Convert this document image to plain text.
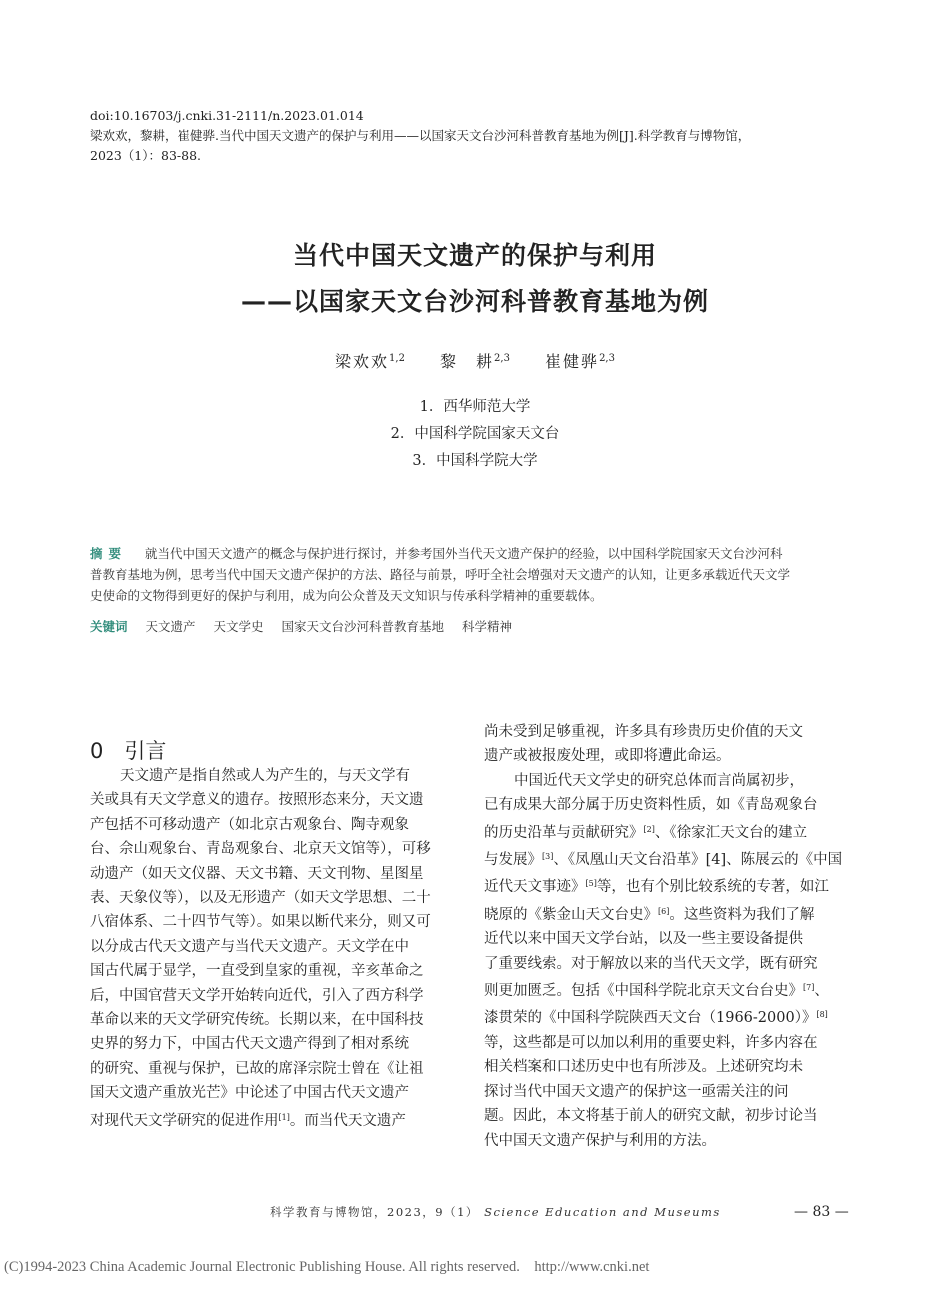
doi:10.16703/j.cnki.31-2111/n.2023.01.014
梁欢欢，黎耕，崔健骅.当代中国天文遗产的保护与利用——以国家天文台沙河科普教育基地为例[J].科学教育与博物馆，
2023（1）：83-88.
当代中国天文遗产的保护与利用
——以国家天文台沙河科普教育基地为例
梁欢欢$^{1,2}$ 黎　耕$^{2,3}$ 崔健骅$^{2,3}$
1．西华师范大学
2．中国科学院国家天文台
3．中国科学院大学
摘要 就当代中国天文遗产的概念与保护进行探讨，并参考国外当代天文遗产保护的经验，以中国科学院国家天文台沙河科
普教育基地为例，思考当代中国天文遗产保护的方法、路径与前景，呼吁全社会增强对天文遗产的认知，让更多承载近代天文学
史使命的文物得到更好的保护与利用，成为向公众普及天文知识与传承科学精神的重要载体。
关键词 天文遗产 天文学史 国家天文台沙河科普教育基地 科学精神
0　引言
天文遗产是指自然或人为产生的，与天文学有
关或具有天文学意义的遗存。按照形态来分，天文遗
产包括不可移动遗产（如北京古观象台、陶寺观象
台、佘山观象台、青岛观象台、北京天文馆等），可移
动遗产（如天文仪器、天文书籍、天文刊物、星图星
表、天象仪等），以及无形遗产（如天文学思想、二十
八宿体系、二十四节气等）。如果以断代来分，则又可
以分成古代天文遗产与当代天文遗产。天文学在中
国古代属于显学，一直受到皇家的重视，辛亥革命之
后，中国官营天文学开始转向近代，引入了西方科学
革命以来的天文学研究传统。长期以来，在中国科技
史界的努力下，中国古代天文遗产得到了相对系统
的研究、重视与保护，已故的席泽宗院士曾在《让祖
国天文遗产重放光芒》中论述了中国古代天文遗产
对现代天文学研究的促进作用[1]。而当代天文遗产
尚未受到足够重视，许多具有珍贵历史价值的天文
遗产或被报废处理，或即将遭此命运。
中国近代天文学史的研究总体而言尚属初步，
已有成果大部分属于历史资料性质，如《青岛观象台
的历史沿革与贡献研究》[2]、《徐家汇天文台的建立
与发展》[3]、《凤凰山天文台沿革》[4]、陈展云的《中国
近代天文事迹》[5]等，也有个别比较系统的专著，如江
晓原的《紫金山天文台史》[6]。这些资料为我们了解
近代以来中国天文学台站，以及一些主要设备提供
了重要线索。对于解放以来的当代天文学，既有研究
则更加匮乏。包括《中国科学院北京天文台台史》[7]、
漆贯荣的《中国科学院陕西天文台（1966-2000）》[8]
等，这些都是可以加以利用的重要史料，许多内容在
相关档案和口述历史中也有所涉及。上述研究均未
探讨当代中国天文遗产的保护这一亟需关注的问
题。因此，本文将基于前人的研究文献，初步讨论当
代中国天文遗产保护与利用的方法。
科学教育与博物馆，2023，9（1） Science Education and Museums	— 83 —
(C)1994-2023 China Academic Journal Electronic Publishing House. All rights reserved.　http://www.cnki.net
